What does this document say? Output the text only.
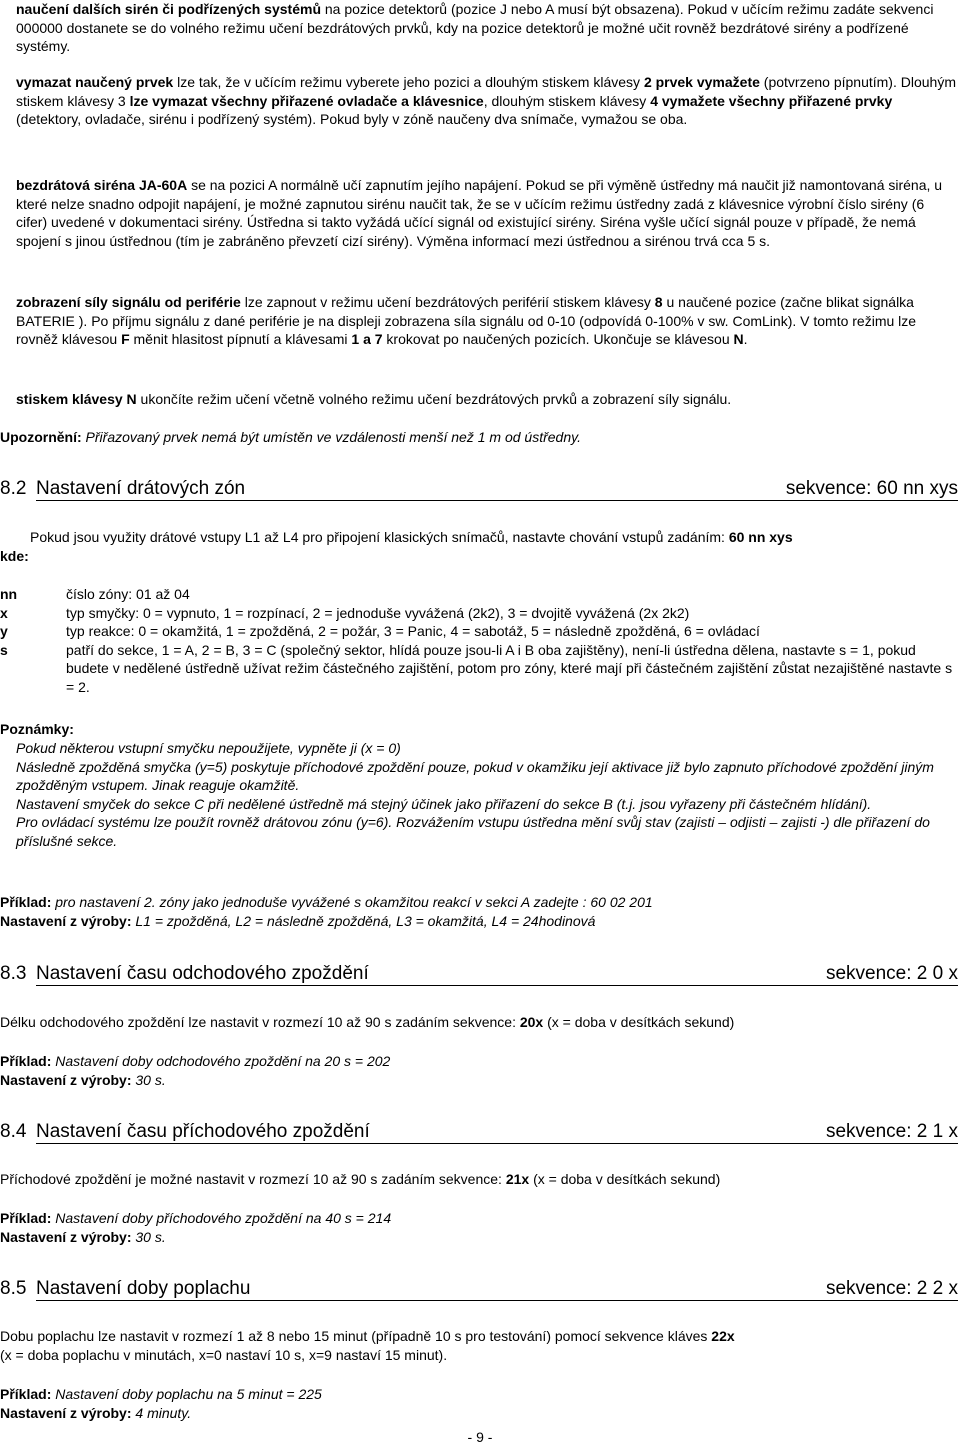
naučení dalších sirén či podřízených systémů na pozice detektorů (pozice J nebo A musí být obsazena). Pokud v učícím režimu zadáte sekvenci 000000 dostanete se do volného režimu učení bezdrátových prvků, kdy na pozice detektorů je možné učit rovněž bezdrátové sirény a podřízené systémy.

vymazat naučený prvek lze tak, že v učícím režimu vyberete jeho pozici a dlouhým stiskem klávesy 2 prvek vymažete (potvrzeno pípnutím). Dlouhým stiskem klávesy 3 lze vymazat všechny přiřazené ovladače a klávesnice, dlouhým stiskem klávesy 4 vymažete všechny přiřazené prvky (detektory, ovladače, sirénu i podřízený systém). Pokud byly v zóně naučeny dva snímače, vymažou se oba.

bezdrátová siréna JA-60A se na pozici A normálně učí zapnutím jejího napájení. Pokud se při výměně ústředny má naučit již namontovaná siréna, u které nelze snadno odpojit napájení, je možné zapnutou sirénu naučit tak, že se v učícím režimu ústředny zadá z klávesnice výrobní číslo sirény (6 cifer) uvedené v dokumentaci sirény. Ústředna si takto vyžádá učící signál od existující sirény. Siréna vyšle učící signál pouze v případě, že nemá spojení s jinou ústřednou (tím je zabráněno převzetí cizí sirény). Výměna informací mezi ústřednou a sirénou trvá cca 5 s.

zobrazení síly signálu od periférie lze zapnout v režimu učení bezdrátových periférií stiskem klávesy 8 u naučené pozice (začne blikat signálka BATERIE ). Po příjmu signálu z dané periférie je na displeji zobrazena síla signálu od 0-10 (odpovídá 0-100% v sw. ComLink). V tomto režimu lze rovněž klávesou F měnit hlasitost pípnutí a klávesami 1 a 7 krokovat po naučených pozicích. Ukončuje se klávesou N.

stiskem klávesy N ukončíte režim učení včetně volného režimu učení bezdrátových prvků a zobrazení síly signálu.

Upozornění: Přiřazovaný prvek nemá být umístěn ve vzdálenosti menší než 1 m od ústředny.

8.2 Nastavení drátových zón	sekvence: 60 nn xys

Pokud jsou využity drátové vstupy L1 až L4 pro připojení klasických snímačů, nastavte chování vstupů zadáním: 60 nn xys
kde:

nn	číslo zóny: 01 až 04
x	typ smyčky: 0 = vypnuto, 1 = rozpínací, 2 = jednoduše vyvážená (2k2), 3 = dvojitě vyvážená (2x 2k2)
y	typ reakce: 0 = okamžitá, 1 = zpožděná, 2 = požár, 3 = Panic, 4 = sabotáž, 5 = následně zpožděná, 6 = ovládací
s	patří do sekce, 1 = A, 2 = B, 3 = C (společný sektor, hlídá pouze jsou-li A i B oba zajištěny), není-li ústředna dělena, nastavte s = 1, pokud budete v nedělené ústředně užívat režim částečného zajištění, potom pro zóny, které mají při částečném zajištění zůstat nezajištěné nastavte s = 2.

Poznámky:

Pokud některou vstupní smyčku nepoužijete, vypněte ji (x = 0)

Následně zpožděná smyčka (y=5) poskytuje příchodové zpoždění pouze, pokud v okamžiku její aktivace již bylo zapnuto příchodové zpoždění jiným zpožděným vstupem. Jinak reaguje okamžitě.

Nastavení smyček do sekce C při nedělené ústředně má stejný účinek jako přiřazení do sekce B (t.j. jsou vyřazeny při částečném hlídání).

Pro ovládací systému lze použít rovněž drátovou zónu (y=6). Rozvážením vstupu ústředna mění svůj stav (zajisti – odjisti – zajisti -) dle přiřazení do příslušné sekce.

Příklad: pro nastavení 2. zóny jako jednoduše vyvážené s okamžitou reakcí v sekci A zadejte : 60 02 201

Nastavení z výroby: L1 = zpožděná, L2 = následně zpožděná, L3 = okamžitá, L4 = 24hodinová

8.3 Nastavení času odchodového zpoždění	sekvence: 2 0 x

Délku odchodového zpoždění lze nastavit v rozmezí 10 až 90 s zadáním sekvence: 20x (x = doba v desítkách sekund)

Příklad: Nastavení doby odchodového zpoždění na 20 s = 202

Nastavení z výroby: 30 s.

8.4 Nastavení času příchodového zpoždění	sekvence: 2 1 x

Příchodové zpoždění je možné nastavit v rozmezí 10 až 90 s zadáním sekvence: 21x (x = doba v desítkách sekund)

Příklad: Nastavení doby příchodového zpoždění na 40 s = 214

Nastavení z výroby: 30 s.

8.5 Nastavení doby poplachu	sekvence: 2 2 x

Dobu poplachu lze nastavit v rozmezí 1 až 8 nebo 15 minut (případně 10 s pro testování) pomocí sekvence kláves 22x
(x = doba poplachu v minutách, x=0 nastaví 10 s, x=9 nastaví 15 minut).

Příklad: Nastavení doby poplachu na 5 minut = 225

Nastavení z výroby: 4 minuty.

- 9 -
